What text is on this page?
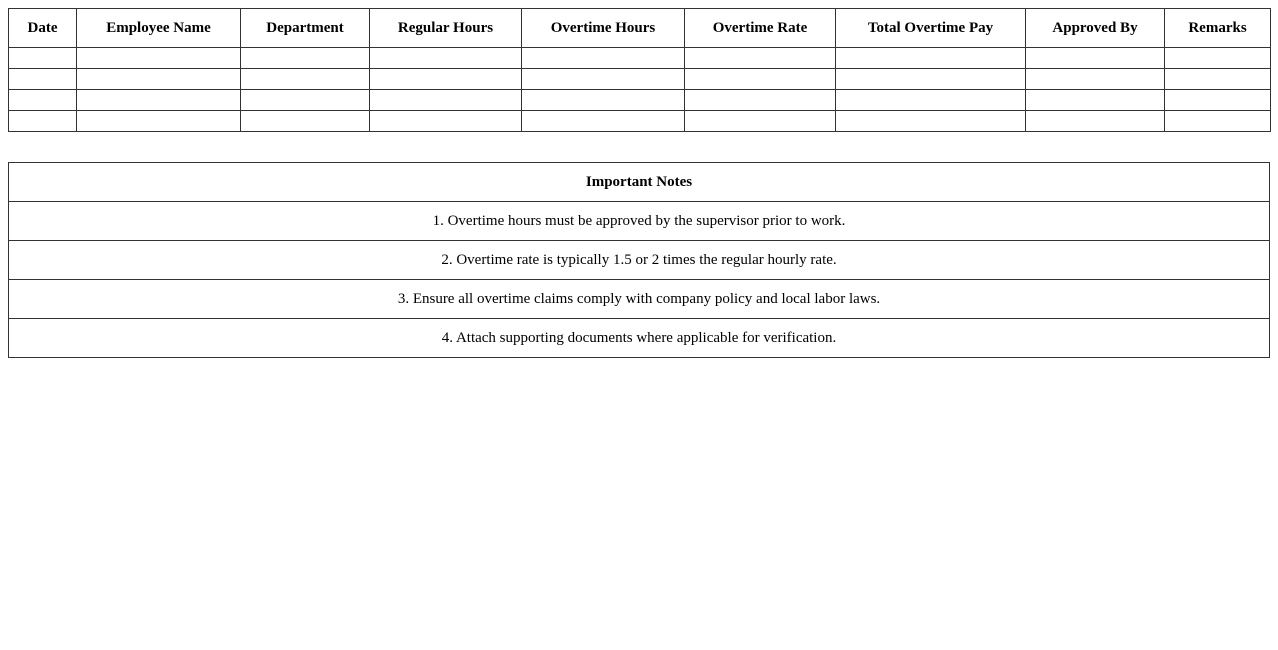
Date	Employee Name	Department	Regular Hours	Overtime Hours	Overtime Rate	Total Overtime Pay	Approved By	Remarks

Important Notes
1. Overtime hours must be approved by the supervisor prior to work.
2. Overtime rate is typically 1.5 or 2 times the regular hourly rate.
3. Ensure all overtime claims comply with company policy and local labor laws.
4. Attach supporting documents where applicable for verification.
